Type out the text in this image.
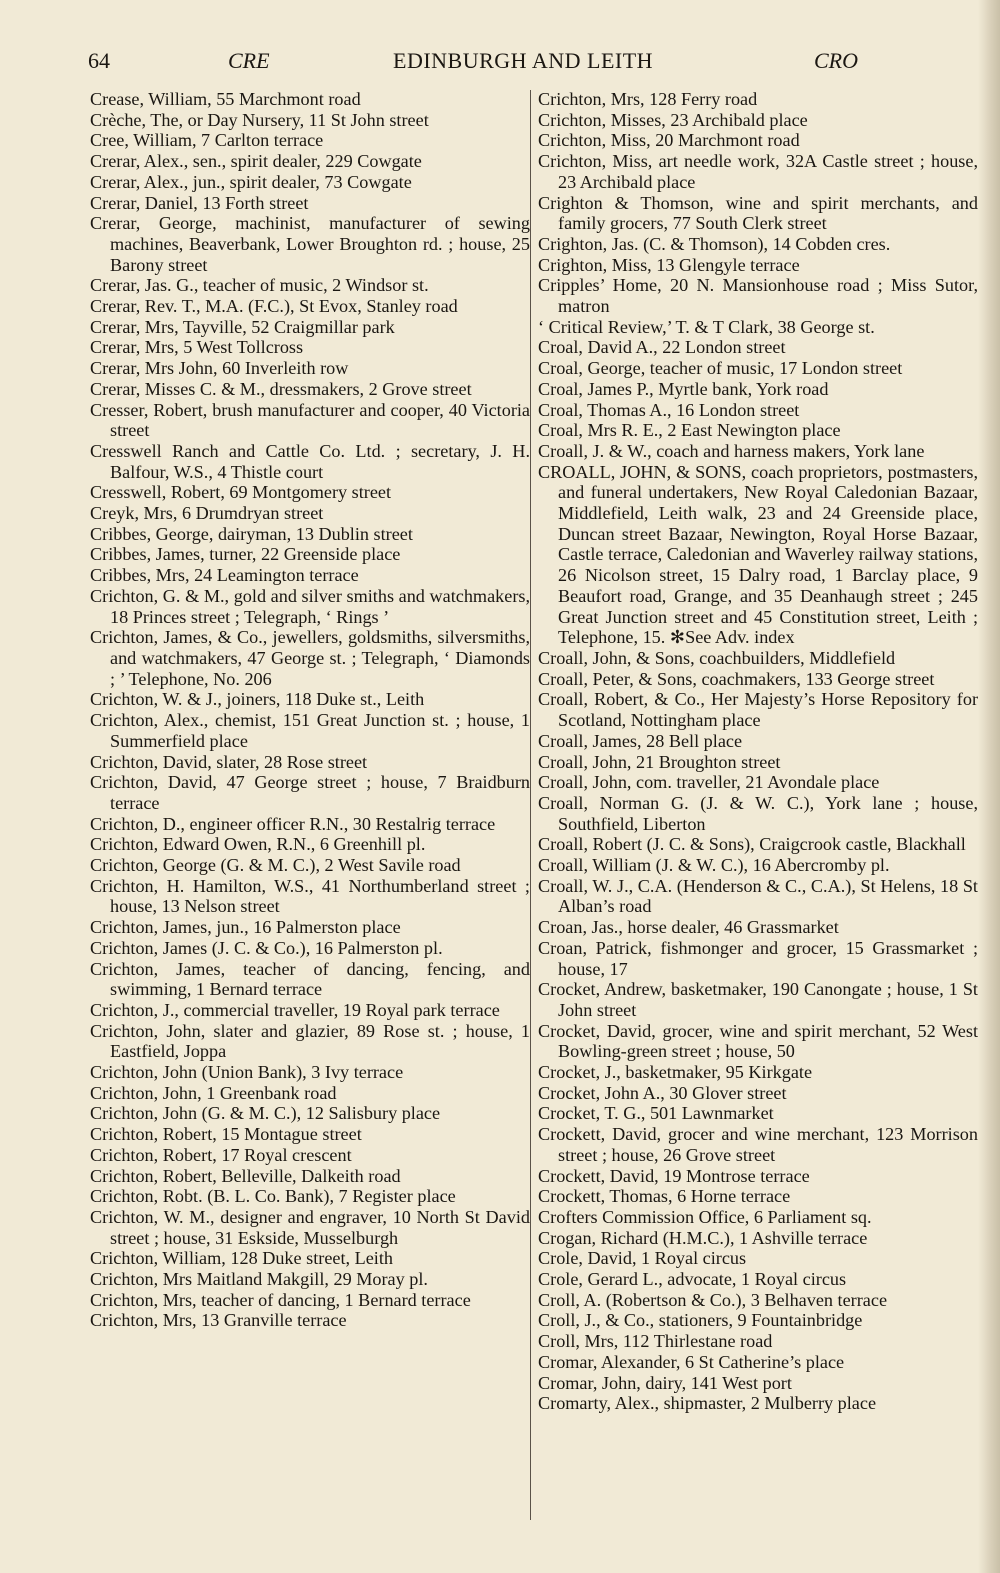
64	CRE	EDINBURGH AND LEITH	CRO

Crease, William, 55 Marchmont road

Crèche, The, or Day Nursery, 11 St John street

Cree, William, 7 Carlton terrace

Crerar, Alex., sen., spirit dealer, 229 Cowgate

Crerar, Alex., jun., spirit dealer, 73 Cowgate

Crerar, Daniel, 13 Forth street

Crerar, George, machinist, manufacturer of sewing machines, Beaverbank, Lower Broughton rd. ; house, 25 Barony street

Crerar, Jas. G., teacher of music, 2 Windsor st.

Crerar, Rev. T., M.A. (F.C.), St Evox, Stanley road

Crerar, Mrs, Tayville, 52 Craigmillar park

Crerar, Mrs, 5 West Tollcross

Crerar, Mrs John, 60 Inverleith row

Crerar, Misses C. & M., dressmakers, 2 Grove street

Cresser, Robert, brush manufacturer and cooper, 40 Victoria street

Cresswell Ranch and Cattle Co. Ltd. ; secretary, J. H. Balfour, W.S., 4 Thistle court

Cresswell, Robert, 69 Montgomery street

Creyk, Mrs, 6 Drumdryan street

Cribbes, George, dairyman, 13 Dublin street

Cribbes, James, turner, 22 Greenside place

Cribbes, Mrs, 24 Leamington terrace

Crichton, G. & M., gold and silver smiths and watchmakers, 18 Princes street ; Telegraph, ‘ Rings ’

Crichton, James, & Co., jewellers, goldsmiths, silversmiths, and watchmakers, 47 George st. ; Telegraph, ‘ Diamonds ; ’ Telephone, No. 206

Crichton, W. & J., joiners, 118 Duke st., Leith

Crichton, Alex., chemist, 151 Great Junction st. ; house, 1 Summerfield place

Crichton, David, slater, 28 Rose street

Crichton, David, 47 George street ; house, 7 Braidburn terrace

Crichton, D., engineer officer R.N., 30 Restalrig terrace

Crichton, Edward Owen, R.N., 6 Greenhill pl.

Crichton, George (G. & M. C.), 2 West Savile road

Crichton, H. Hamilton, W.S., 41 Northumberland street ; house, 13 Nelson street

Crichton, James, jun., 16 Palmerston place

Crichton, James (J. C. & Co.), 16 Palmerston pl.

Crichton, James, teacher of dancing, fencing, and swimming, 1 Bernard terrace

Crichton, J., commercial traveller, 19 Royal park terrace

Crichton, John, slater and glazier, 89 Rose st. ; house, 1 Eastfield, Joppa

Crichton, John (Union Bank), 3 Ivy terrace

Crichton, John, 1 Greenbank road

Crichton, John (G. & M. C.), 12 Salisbury place

Crichton, Robert, 15 Montague street

Crichton, Robert, 17 Royal crescent

Crichton, Robert, Belleville, Dalkeith road

Crichton, Robt. (B. L. Co. Bank), 7 Register place

Crichton, W. M., designer and engraver, 10 North St David street ; house, 31 Eskside, Musselburgh

Crichton, William, 128 Duke street, Leith

Crichton, Mrs Maitland Makgill, 29 Moray pl.

Crichton, Mrs, teacher of dancing, 1 Bernard terrace

Crichton, Mrs, 13 Granville terrace

Crichton, Mrs, 128 Ferry road

Crichton, Misses, 23 Archibald place

Crichton, Miss, 20 Marchmont road

Crichton, Miss, art needle work, 32A Castle street ; house, 23 Archibald place

Crighton & Thomson, wine and spirit merchants, and family grocers, 77 South Clerk street

Crighton, Jas. (C. & Thomson), 14 Cobden cres.

Crighton, Miss, 13 Glengyle terrace

Cripples’ Home, 20 N. Mansionhouse road ; Miss Sutor, matron

‘ Critical Review,’ T. & T Clark, 38 George st.

Croal, David A., 22 London street

Croal, George, teacher of music, 17 London street

Croal, James P., Myrtle bank, York road

Croal, Thomas A., 16 London street

Croal, Mrs R. E., 2 East Newington place

Croall, J. & W., coach and harness makers, York lane

CROALL, JOHN, & SONS, coach proprietors, postmasters, and funeral undertakers, New Royal Caledonian Bazaar, Middlefield, Leith walk, 23 and 24 Greenside place, Duncan street Bazaar, Newington, Royal Horse Bazaar, Castle terrace, Caledonian and Waverley railway stations, 26 Nicolson street, 15 Dalry road, 1 Barclay place, 9 Beaufort road, Grange, and 35 Deanhaugh street ; 245 Great Junction street and 45 Constitution street, Leith ; Telephone, 15. ✻See Adv. index

Croall, John, & Sons, coachbuilders, Middlefield

Croall, Peter, & Sons, coachmakers, 133 George street

Croall, Robert, & Co., Her Majesty’s Horse Repository for Scotland, Nottingham place

Croall, James, 28 Bell place

Croall, John, 21 Broughton street

Croall, John, com. traveller, 21 Avondale place

Croall, Norman G. (J. & W. C.), York lane ; house, Southfield, Liberton

Croall, Robert (J. C. & Sons), Craigcrook castle, Blackhall

Croall, William (J. & W. C.), 16 Abercromby pl.

Croall, W. J., C.A. (Henderson & C., C.A.), St Helens, 18 St Alban’s road

Croan, Jas., horse dealer, 46 Grassmarket

Croan, Patrick, fishmonger and grocer, 15 Grassmarket ; house, 17

Crocket, Andrew, basketmaker, 190 Canongate ; house, 1 St John street

Crocket, David, grocer, wine and spirit merchant, 52 West Bowling-green street ; house, 50

Crocket, J., basketmaker, 95 Kirkgate

Crocket, John A., 30 Glover street

Crocket, T. G., 501 Lawnmarket

Crockett, David, grocer and wine merchant, 123 Morrison street ; house, 26 Grove street

Crockett, David, 19 Montrose terrace

Crockett, Thomas, 6 Horne terrace

Crofters Commission Office, 6 Parliament sq.

Crogan, Richard (H.M.C.), 1 Ashville terrace

Crole, David, 1 Royal circus

Crole, Gerard L., advocate, 1 Royal circus

Croll, A. (Robertson & Co.), 3 Belhaven terrace

Croll, J., & Co., stationers, 9 Fountainbridge

Croll, Mrs, 112 Thirlestane road

Cromar, Alexander, 6 St Catherine’s place

Cromar, John, dairy, 141 West port

Cromarty, Alex., shipmaster, 2 Mulberry place
